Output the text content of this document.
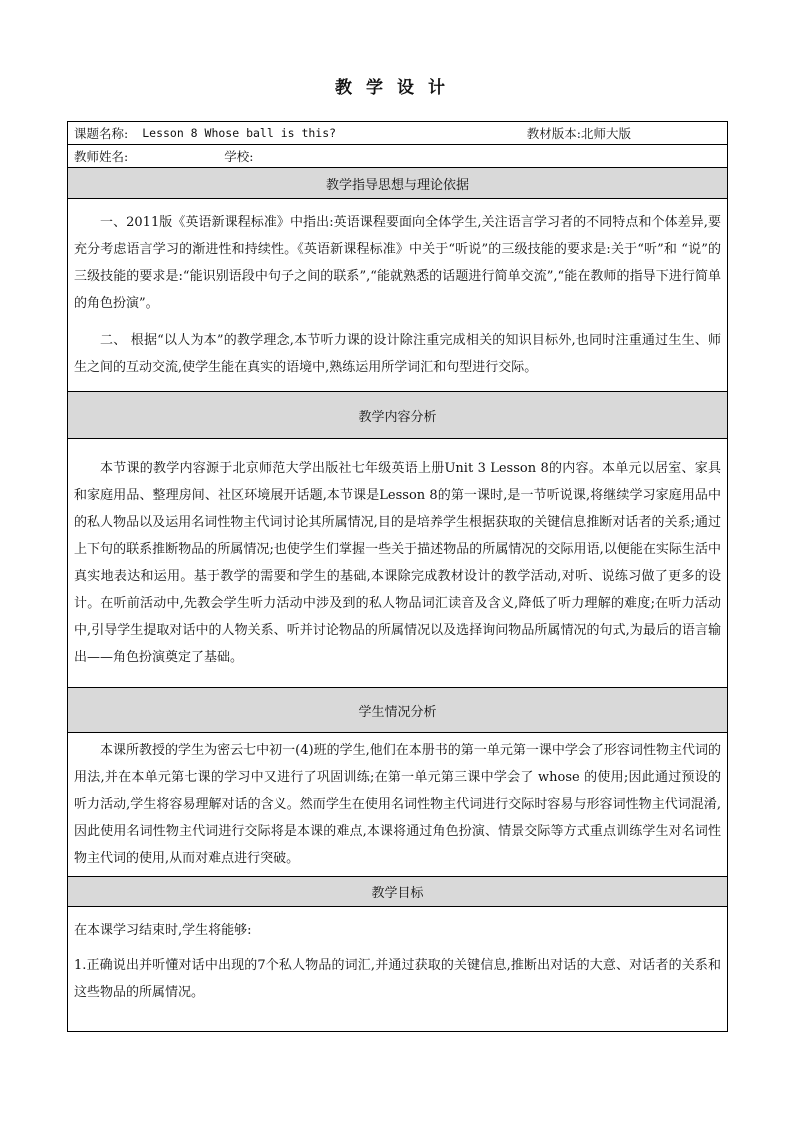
教学设计
课题名称: Lesson 8 Whose ball is this?	教材版本: 北师大版

教师姓名:	学校:

教学指导思想与理论依据

一、2011版《英语新课程标准》中指出:英语课程要面向全体学生,关注语言学习者的不同特点和个体差异,要充分考虑语言学习的渐进性和持续性。《英语新课程标准》中关于“听说”的三级技能的要求是:关于“听”和 “说”的三级技能的要求是:“能识别语段中句子之间的联系”,“能就熟悉的话题进行简单交流”,“能在教师的指导下进行简单的角色扮演”。

二、 根据“以人为本”的教学理念,本节听力课的设计除注重完成相关的知识目标外,也同时注重通过生生、师生之间的互动交流,使学生能在真实的语境中,熟练运用所学词汇和句型进行交际。

教学内容分析

本节课的教学内容源于北京师范大学出版社七年级英语上册Unit 3 Lesson 8的内容。本单元以居室、家具和家庭用品、整理房间、社区环境展开话题,本节课是Lesson 8的第一课时,是一节听说课,将继续学习家庭用品中的私人物品以及运用名词性物主代词讨论其所属情况,目的是培养学生根据获取的关键信息推断对话者的关系;通过上下句的联系推断物品的所属情况;也使学生们掌握一些关于描述物品的所属情况的交际用语,以便能在实际生活中真实地表达和运用。基于教学的需要和学生的基础,本课除完成教材设计的教学活动,对听、说练习做了更多的设计。在听前活动中,先教会学生听力活动中涉及到的私人物品词汇读音及含义,降低了听力理解的难度;在听力活动中,引导学生提取对话中的人物关系、听并讨论物品的所属情况以及选择询问物品所属情况的句式,为最后的语言输出——角色扮演奠定了基础。

学生情况分析

本课所教授的学生为密云七中初一(4)班的学生,他们在本册书的第一单元第一课中学会了形容词性物主代词的用法,并在本单元第七课的学习中又进行了巩固训练;在第一单元第三课中学会了 whose 的使用;因此通过预设的听力活动,学生将容易理解对话的含义。然而学生在使用名词性物主代词进行交际时容易与形容词性物主代词混淆,因此使用名词性物主代词进行交际将是本课的难点,本课将通过角色扮演、情景交际等方式重点训练学生对名词性物主代词的使用,从而对难点进行突破。

教学目标

在本课学习结束时,学生将能够:

1.正确说出并听懂对话中出现的7个私人物品的词汇,并通过获取的关键信息,推断出对话的大意、对话者的关系和这些物品的所属情况。
